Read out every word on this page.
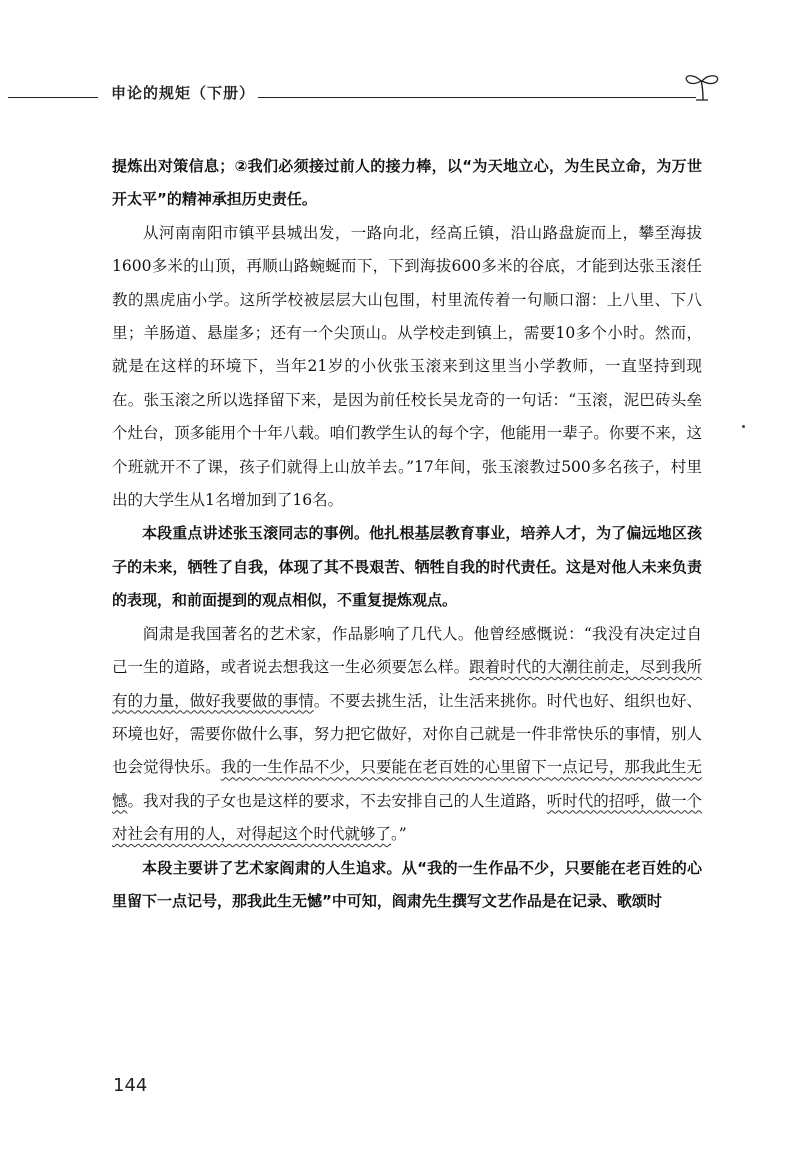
申论的规矩（下册）

提炼出对策信息；②我们必须接过前人的接力棒，以“为天地立心，为生民立命，为万世开太平”的精神承担历史责任。

从河南南阳市镇平县城出发，一路向北，经高丘镇，沿山路盘旋而上，攀至海拔1600多米的山顶，再顺山路蜿蜒而下，下到海拔600多米的谷底，才能到达张玉滚任教的黑虎庙小学。这所学校被层层大山包围，村里流传着一句顺口溜：上八里、下八里；羊肠道、悬崖多；还有一个尖顶山。从学校走到镇上，需要10多个小时。然而，就是在这样的环境下，当年21岁的小伙张玉滚来到这里当小学教师，一直坚持到现在。张玉滚之所以选择留下来，是因为前任校长吴龙奇的一句话：“玉滚，泥巴砖头垒个灶台，顶多能用个十年八载。咱们教学生认的每个字，他能用一辈子。你要不来，这个班就开不了课，孩子们就得上山放羊去。”17年间，张玉滚教过500多名孩子，村里出的大学生从1名增加到了16名。

本段重点讲述张玉滚同志的事例。他扎根基层教育事业，培养人才，为了偏远地区孩子的未来，牺牲了自我，体现了其不畏艰苦、牺牲自我的时代责任。这是对他人未来负责的表现，和前面提到的观点相似，不重复提炼观点。

阎肃是我国著名的艺术家，作品影响了几代人。他曾经感慨说：“我没有决定过自己一生的道路，或者说去想我这一生必须要怎么样。跟着时代的大潮往前走，尽到我所有的力量，做好我要做的事情。不要去挑生活，让生活来挑你。时代也好、组织也好、环境也好，需要你做什么事，努力把它做好，对你自己就是一件非常快乐的事情，别人也会觉得快乐。我的一生作品不少，只要能在老百姓的心里留下一点记号，那我此生无憾。我对我的子女也是这样的要求，不去安排自己的人生道路，听时代的招呼，做一个对社会有用的人，对得起这个时代就够了。”

本段主要讲了艺术家阎肃的人生追求。从“我的一生作品不少，只要能在老百姓的心里留下一点记号，那我此生无憾”中可知，阎肃先生撰写文艺作品是在记录、歌颂时

144
